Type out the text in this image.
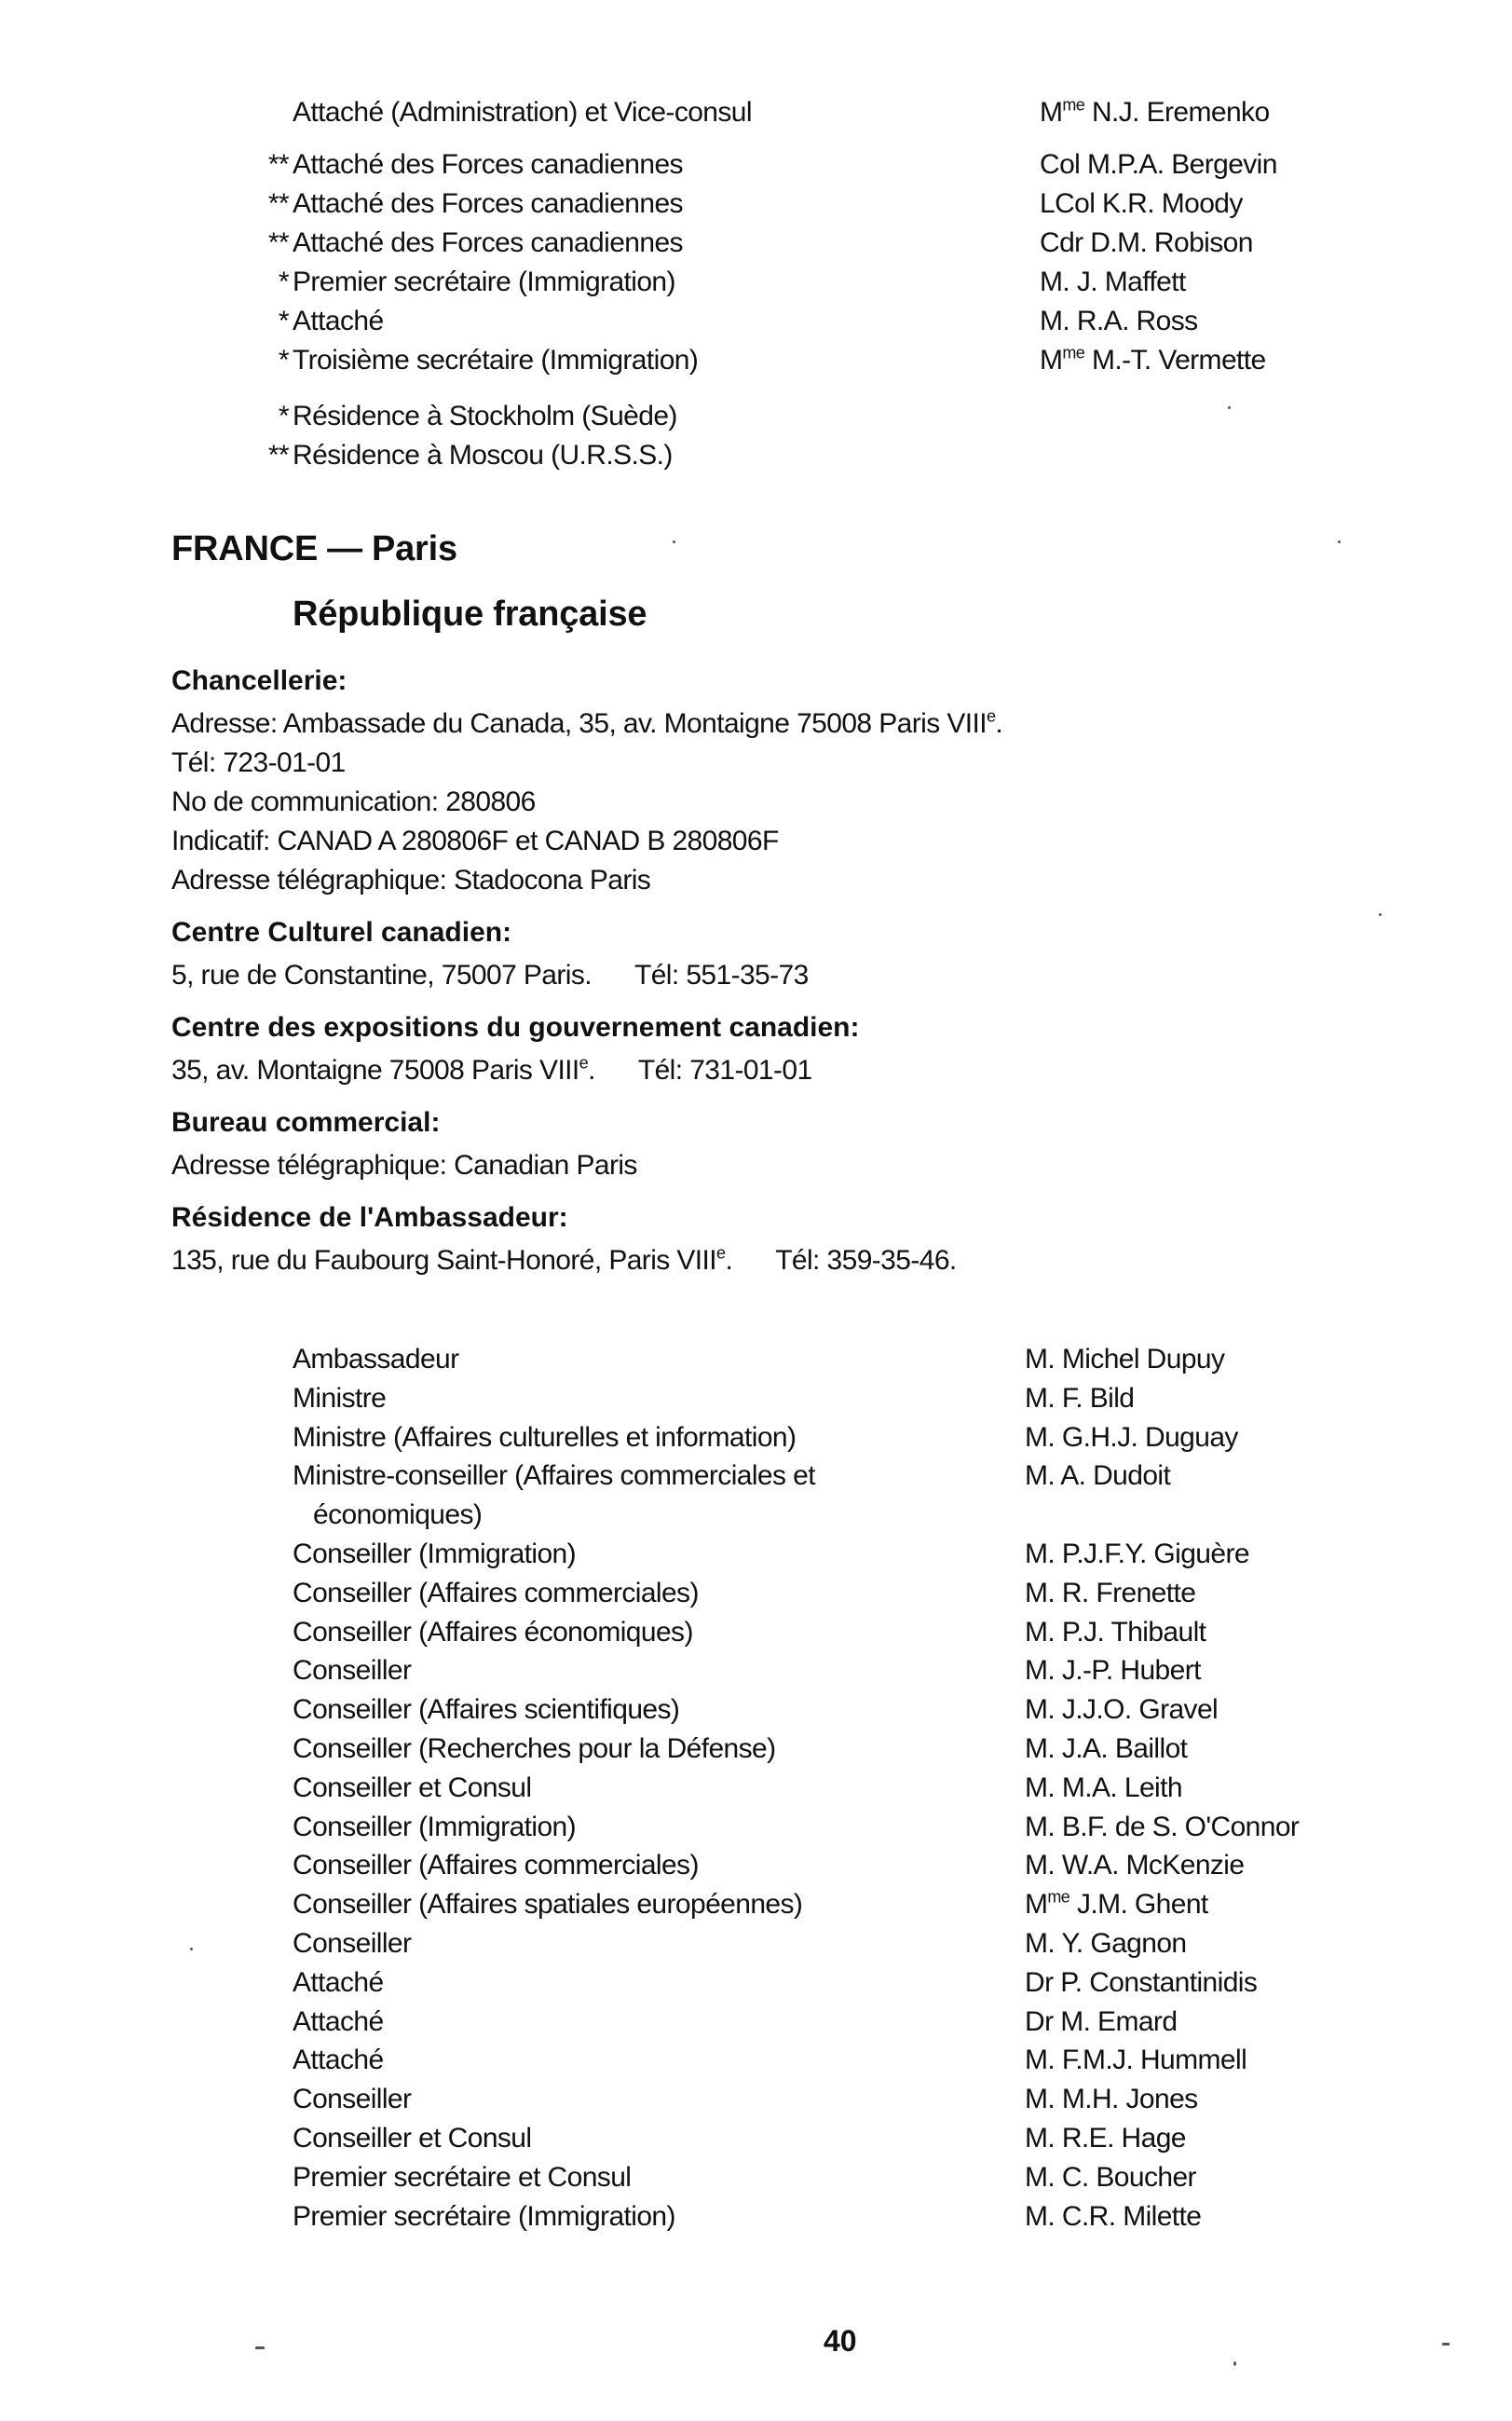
Attaché (Administration) et Vice-consul	$M^{me}$ N.J. Eremenko
** Attaché des Forces canadiennes	Col M.P.A. Bergevin
** Attaché des Forces canadiennes	LCol K.R. Moody
** Attaché des Forces canadiennes	Cdr D.M. Robison
* Premier secrétaire (Immigration)	M. J. Maffett
* Attaché	M. R.A. Ross
* Troisième secrétaire (Immigration)	$M^{me}$ M.-T. Vermette
* Résidence à Stockholm (Suède)
** Résidence à Moscou (U.R.S.S.)
FRANCE — Paris
République française
Chancellerie:
Adresse: Ambassade du Canada, 35, av. Montaigne 75008 Paris VIIIe.
Tél: 723-01-01
No de communication: 280806
Indicatif: CANAD A 280806F et CANAD B 280806F
Adresse télégraphique: Stadocona Paris
Centre Culturel canadien:
5, rue de Constantine, 75007 Paris. Tél: 551-35-73
Centre des expositions du gouvernement canadien:
35, av. Montaigne 75008 Paris VIIIe. Tél: 731-01-01
Bureau commercial:
Adresse télégraphique: Canadian Paris
Résidence de l'Ambassadeur:
135, rue du Faubourg Saint-Honoré, Paris VIIIe. Tél: 359-35-46.
Ambassadeur	M. Michel Dupuy
Ministre	M. F. Bild
Ministre (Affaires culturelles et information)	M. G.H.J. Duguay
Ministre-conseiller (Affaires commerciales et	M. A. Dudoit
économiques)
Conseiller (Immigration)	M. P.J.F.Y. Giguère
Conseiller (Affaires commerciales)	M. R. Frenette
Conseiller (Affaires économiques)	M. P.J. Thibault
Conseiller	M. J.-P. Hubert
Conseiller (Affaires scientifiques)	M. J.J.O. Gravel
Conseiller (Recherches pour la Défense)	M. J.A. Baillot
Conseiller et Consul	M. M.A. Leith
Conseiller (Immigration)	M. B.F. de S. O'Connor
Conseiller (Affaires commerciales)	M. W.A. McKenzie
Conseiller (Affaires spatiales européennes)	$M^{me}$ J.M. Ghent
Conseiller	M. Y. Gagnon
Attaché	Dr P. Constantinidis
Attaché	Dr M. Emard
Attaché	M. F.M.J. Hummell
Conseiller	M. M.H. Jones
Conseiller et Consul	M. R.E. Hage
Premier secrétaire et Consul	M. C. Boucher
Premier secrétaire (Immigration)	M. C.R. Milette
40
